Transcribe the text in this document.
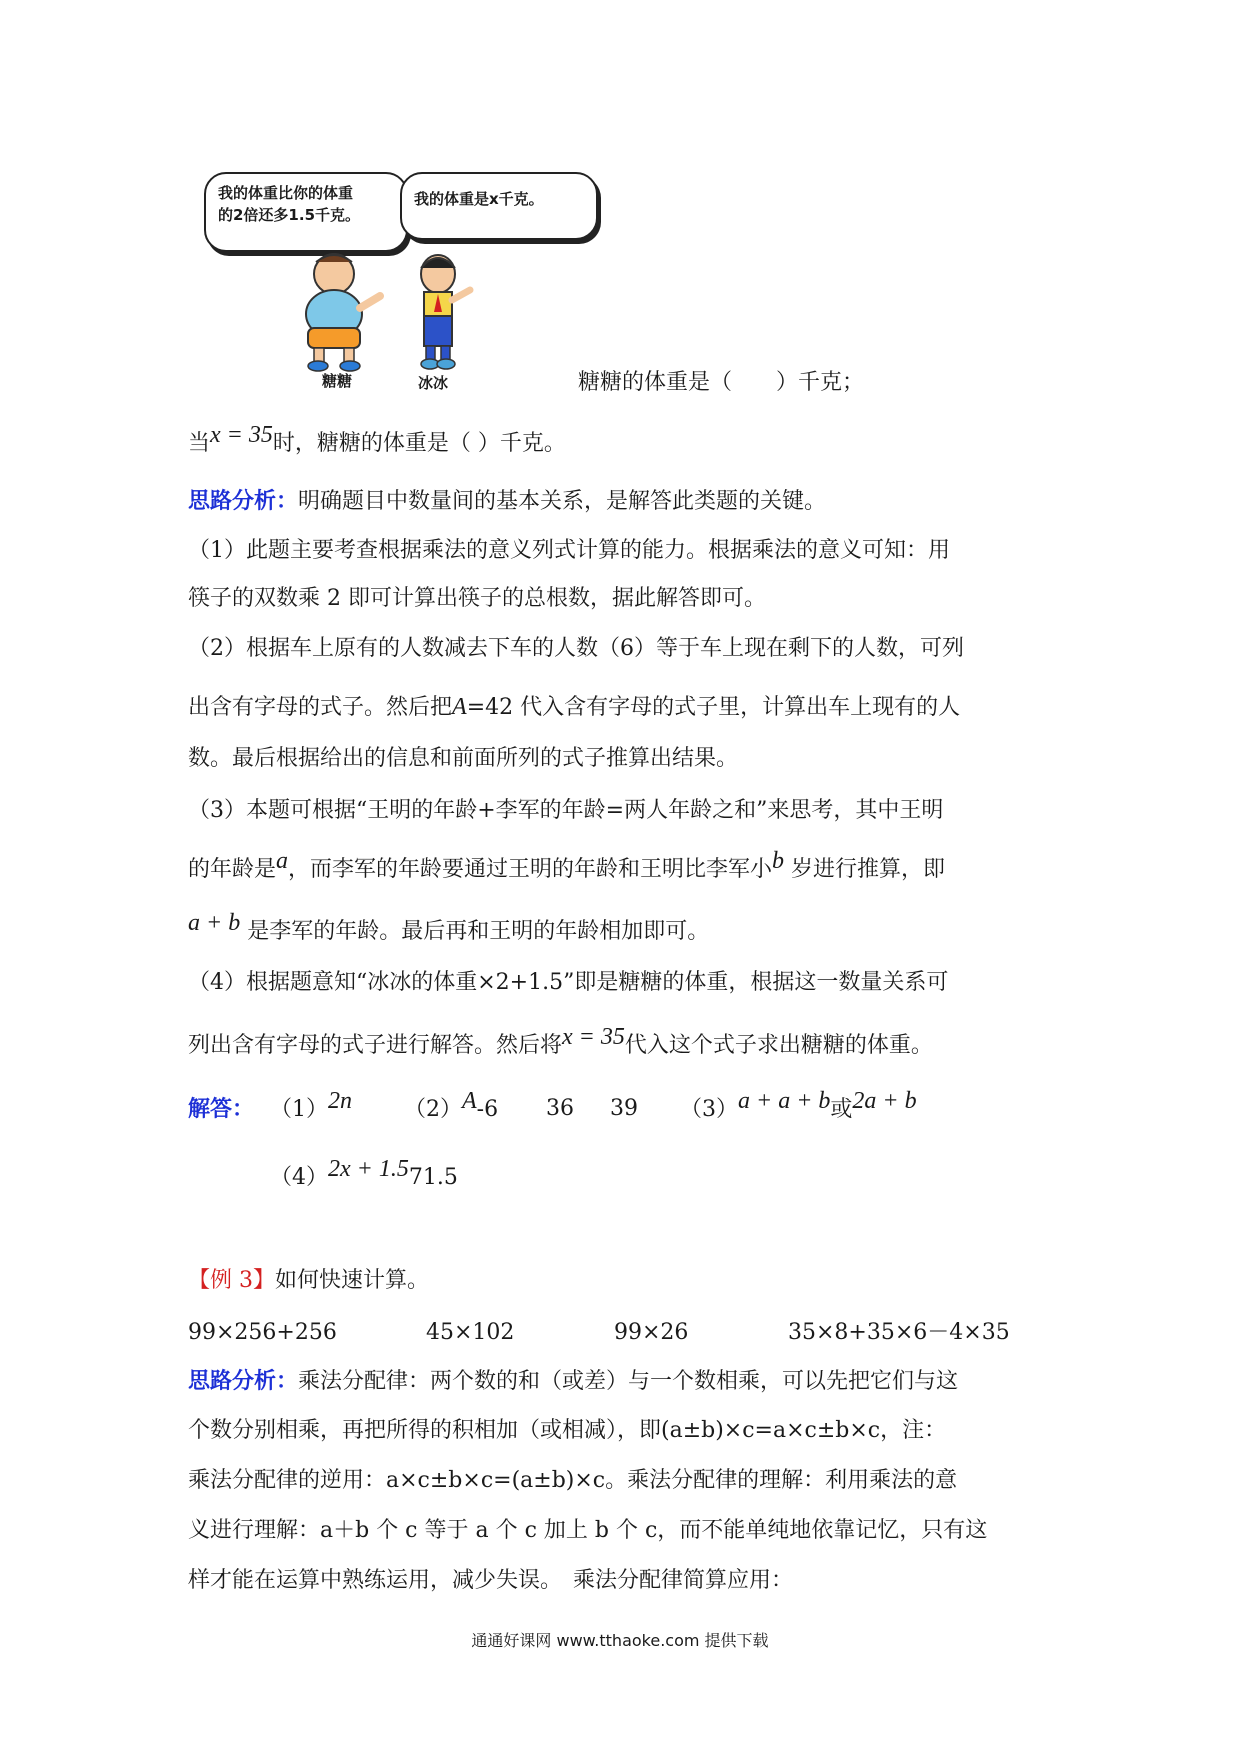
我的体重比你的体重
的2倍还多1.5千克。
我的体重是x千克。
糖糖	冰冰	糖糖的体重是（　　）千克；
当x = 35时，糖糖的体重是（ ）千克。
思路分析：明确题目中数量间的基本关系，是解答此类题的关键。
（1）此题主要考查根据乘法的意义列式计算的能力。根据乘法的意义可知：用
筷子的双数乘 2 即可计算出筷子的总根数，据此解答即可。
（2）根据车上原有的人数减去下车的人数（6）等于车上现在剩下的人数，可列
出含有字母的式子。然后把A=42 代入含有字母的式子里，计算出车上现有的人
数。最后根据给出的信息和前面所列的式子推算出结果。
（3）本题可根据“王明的年龄+李军的年龄=两人年龄之和”来思考，其中王明
的年龄是a，而李军的年龄要通过王明的年龄和王明比李军小b 岁进行推算，即
a + b 是李军的年龄。最后再和王明的年龄相加即可。
（4）根据题意知“冰冰的体重×2+1.5”即是糖糖的体重，根据这一数量关系可
列出含有字母的式子进行解答。然后将x = 35代入这个式子求出糖糖的体重。
解答： （1）2n （2）A-6 36 39 （3）a + a + b或2a + b
（4）2x + 1.571.5
【例 3】如何快速计算。
99×256+256	45×102	99×26	35×8+35×6－4×35
思路分析：乘法分配律：两个数的和（或差）与一个数相乘，可以先把它们与这
个数分别相乘，再把所得的积相加（或相减），即(a±b)×c=a×c±b×c，注：
乘法分配律的逆用：a×c±b×c=(a±b)×c。乘法分配律的理解：利用乘法的意
义进行理解：a＋b 个 c 等于 a 个 c 加上 b 个 c，而不能单纯地依靠记忆，只有这
样才能在运算中熟练运用，减少失误。　乘法分配律简算应用：
通通好课网 www.tthaoke.com 提供下载
